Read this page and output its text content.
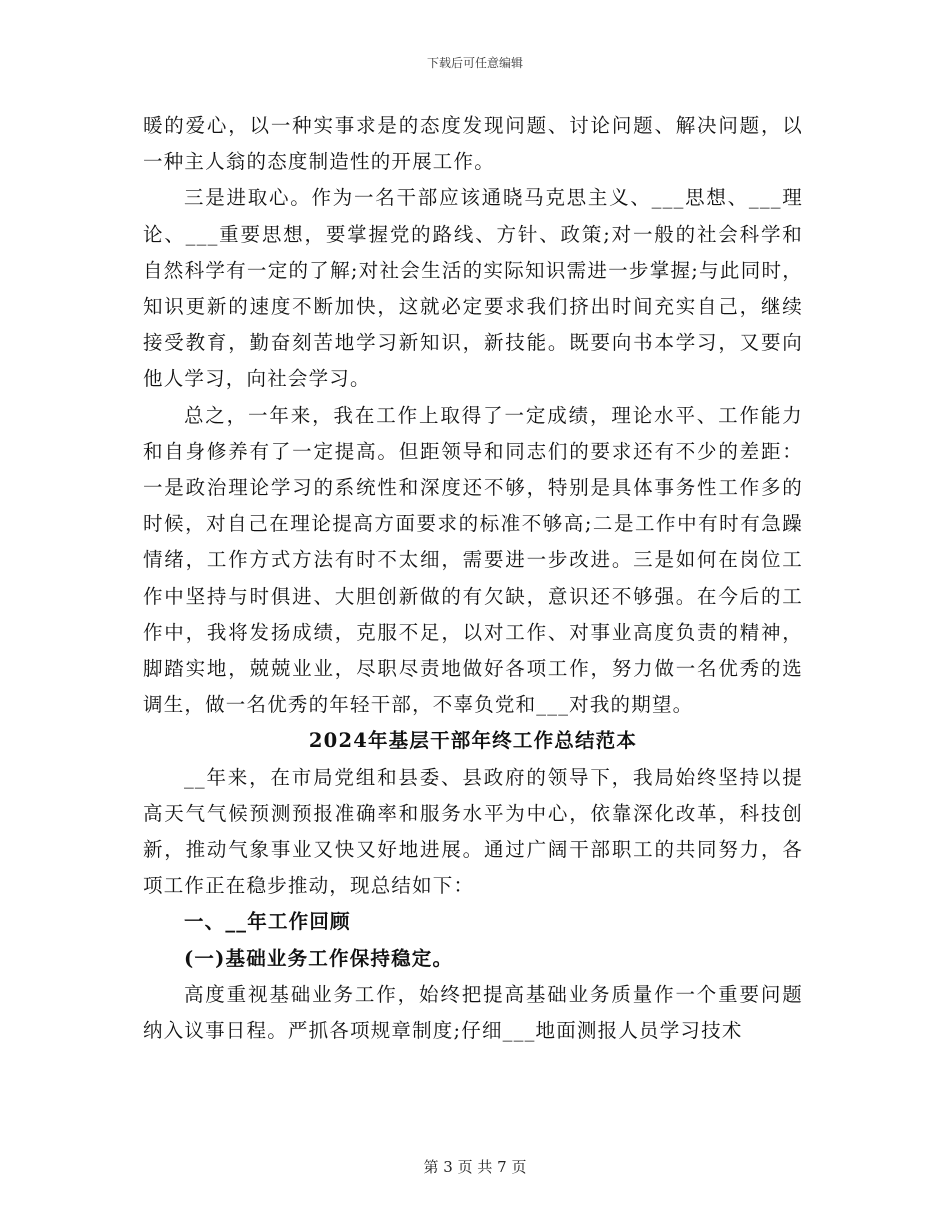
下载后可任意编辑

暖的爱心，以一种实事求是的态度发现问题、讨论问题、解决问题，以一种主人翁的态度制造性的开展工作。

三是进取心。作为一名干部应该通晓马克思主义、___思想、___理论、___重要思想，要掌握党的路线、方针、政策;对一般的社会科学和自然科学有一定的了解;对社会生活的实际知识需进一步掌握;与此同时，知识更新的速度不断加快，这就必定要求我们挤出时间充实自己，继续接受教育，勤奋刻苦地学习新知识，新技能。既要向书本学习，又要向他人学习，向社会学习。

总之，一年来，我在工作上取得了一定成绩，理论水平、工作能力和自身修养有了一定提高。但距领导和同志们的要求还有不少的差距：一是政治理论学习的系统性和深度还不够，特别是具体事务性工作多的时候，对自己在理论提高方面要求的标准不够高;二是工作中有时有急躁情绪，工作方式方法有时不太细，需要进一步改进。三是如何在岗位工作中坚持与时俱进、大胆创新做的有欠缺，意识还不够强。在今后的工作中，我将发扬成绩，克服不足，以对工作、对事业高度负责的精神，脚踏实地，兢兢业业，尽职尽责地做好各项工作，努力做一名优秀的选调生，做一名优秀的年轻干部，不辜负党和___对我的期望。

2024年基层干部年终工作总结范本

__年来，在市局党组和县委、县政府的领导下，我局始终坚持以提高天气气候预测预报准确率和服务水平为中心，依靠深化改革，科技创新，推动气象事业又快又好地进展。通过广阔干部职工的共同努力，各项工作正在稳步推动，现总结如下：

一、__年工作回顾

(一)基础业务工作保持稳定。

高度重视基础业务工作，始终把提高基础业务质量作一个重要问题纳入议事日程。严抓各项规章制度;仔细___地面测报人员学习技术

第 3 页 共 7 页
